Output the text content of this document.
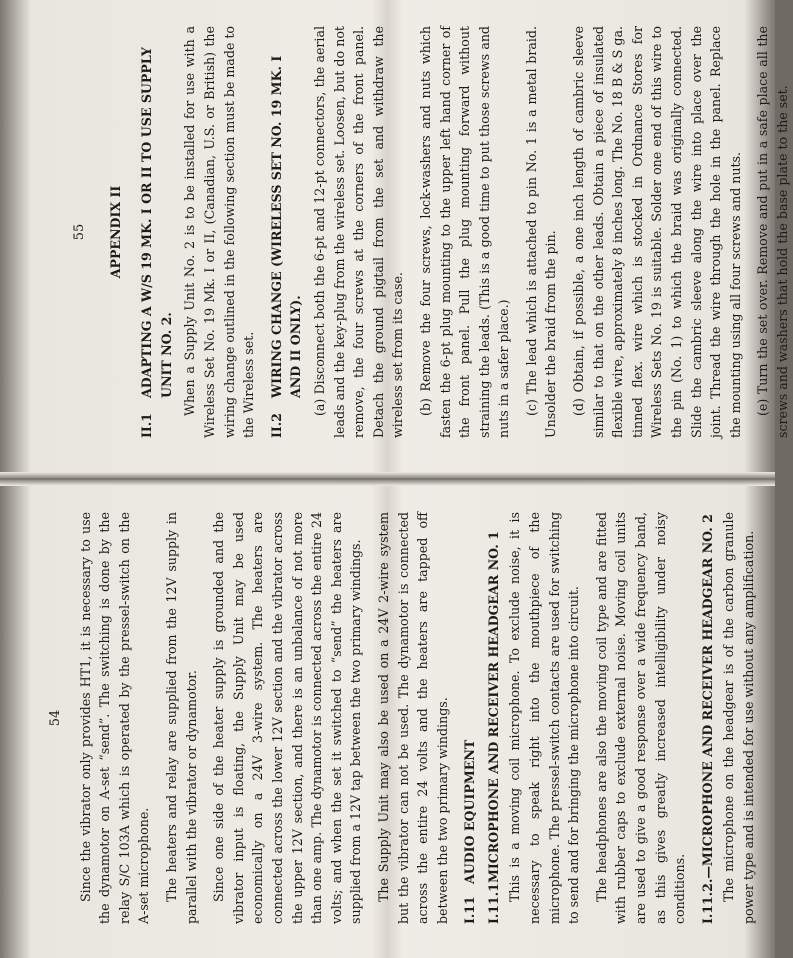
54 Since the vibrator only provides HT1, it is necessary to use the dynamotor on A-set “send”. The switching is done by the relay S/C 103A which is operated by the pressel-switch on the A-set microphone. The heaters and relay are supplied from the 12V supply in parallel with the vibrator or dynamotor. Since one side of the heater supply is grounded and the vibrator input is floating, the Supply Unit may be used economically on a 24V 3-wire system. The heaters are connected across the lower 12V section and the vibrator across the upper 12V section, and there is an unbalance of not more than one amp. The dynamotor is connected across the entire 24 volts; and when the set it switched to “send” the heaters are supplied from a 12V tap between the two primary windings. The Supply Unit may also be used on a 24V 2-wire system but the vibrator can not be used. The dynamotor is connected across the entire 24 volts and the heaters are tapped off between the two primary windings. I.11
AUDIO EQUIPMENT
I.11.1
MICROPHONE AND RECEIVER HEADGEAR NO. 1 This is a moving coil microphone. To exclude noise, it is necessary to speak right into the mouthpiece of the microphone. The pressel-switch contacts are used for switching to send and for bringing the microphone into circuit. The headphones are also the moving coil type and are fitted with rubber caps to exclude external noise. Moving coil units are used to give a good response over a wide frequency band, as this gives greatly increased intelligibility under noisy conditions. I.11.2.—
MICROPHONE AND RECEIVER HEADGEAR NO. 2 The microphone on the headgear is of the carbon granule power type and is intended for use without any amplification.

55 APPENDIX II
II.1
ADAPTING A W/S 19 MK. I OR II TO USE SUPPLY UNIT NO. 2. When a Supply Unit No. 2 is to be installed for use with a Wireless Set No. 19 Mk. I or II, (Canadian, U.S. or British) the wiring change outlined in the following section must be made to the Wireless set. II.2
WIRING CHANGE (WIRELESS SET NO. 19 MK. I AND II ONLY). (a) Disconnect both the 6-pt and 12-pt connectors, the aerial leads and the key-plug from the wireless set. Loosen, but do not remove, the four screws at the corners of the front panel. Detach the ground pigtail from the set and withdraw the wireless set from its case. (b) Remove the four screws, lock-washers and nuts which fasten the 6-pt plug mounting to the upper left hand corner of the front panel. Pull the plug mounting forward without straining the leads. (This is a good time to put those screws and nuts in a safer place.) (c) The lead which is attached to pin No. 1 is a metal braid. Unsolder the braid from the pin. (d) Obtain, if possible, a one inch length of cambric sleeve similar to that on the other leads. Obtain a piece of insulated flexible wire, approximately 8 inches long. The No. 18 B & S ga. tinned flex. wire which is stocked in Ordnance Stores for Wireless Sets No. 19 is suitable. Solder one end of this wire to the pin (No. 1) to which the braid was originally connected. Slide the cambric sleeve along the wire into place over the joint. Thread the wire through the hole in the panel. Replace the mounting using all four screws and nuts. (e) Turn the set over. Remove and put in a safe place all the screws and washers that hold the base plate to the set.
